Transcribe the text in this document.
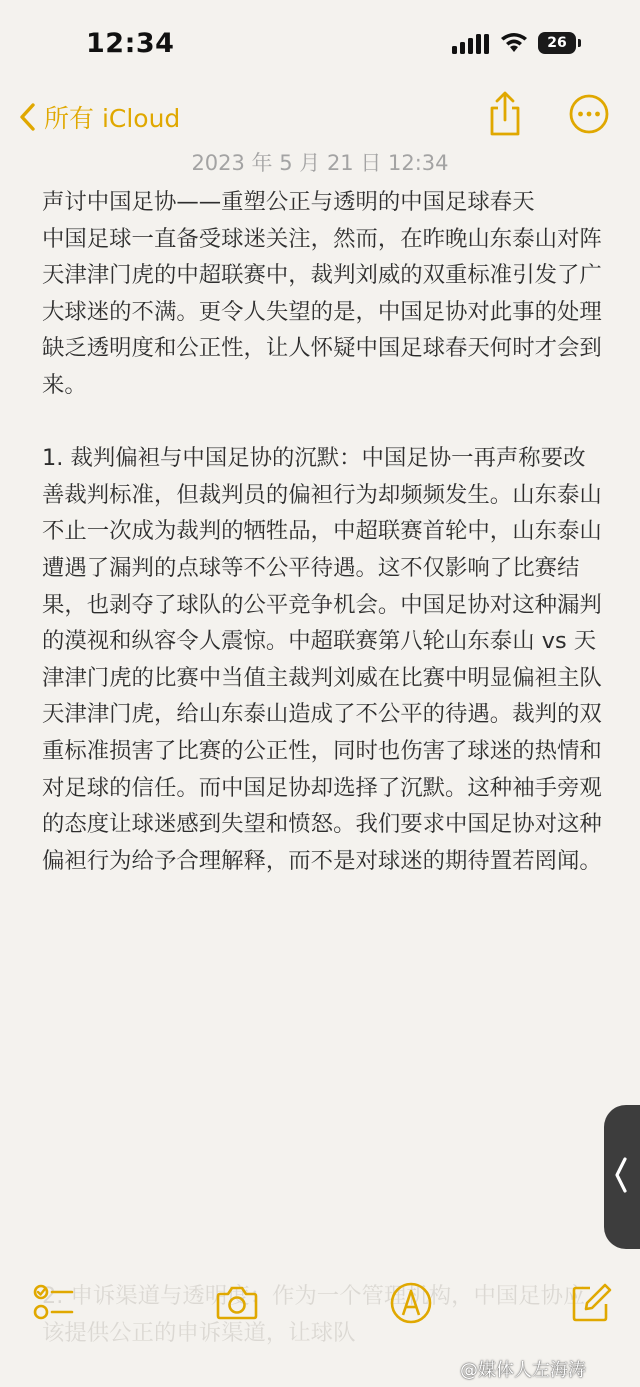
12:34	26
所有 iCloud
2023 年 5 月 21 日 12:34

声讨中国足协——重塑公正与透明的中国足球春天

中国足球一直备受球迷关注，然而，在昨晚山东泰山对阵天津津门虎的中超联赛中，裁判刘威的双重标准引发了广大球迷的不满。更令人失望的是，中国足协对此事的处理缺乏透明度和公正性，让人怀疑中国足球春天何时才会到来。

1. 裁判偏袒与中国足协的沉默：中国足协一再声称要改善裁判标准，但裁判员的偏袒行为却频频发生。山东泰山不止一次成为裁判的牺牲品，中超联赛首轮中，山东泰山遭遇了漏判的点球等不公平待遇。这不仅影响了比赛结果，也剥夺了球队的公平竞争机会。中国足协对这种漏判的漠视和纵容令人震惊。中超联赛第八轮山东泰山 vs 天津津门虎的比赛中当值主裁判刘威在比赛中明显偏袒主队天津津门虎，给山东泰山造成了不公平的待遇。裁判的双重标准损害了比赛的公正性，同时也伤害了球迷的热情和对足球的信任。而中国足协却选择了沉默。这种袖手旁观的态度让球迷感到失望和愤怒。我们要求中国足协对这种偏袒行为给予合理解释，而不是对球迷的期待置若罔闻。

2. 申诉渠道与透明度：作为一个管理机构，中国足协应该提供公正的申诉渠道，让球队
@媒体人左海涛
